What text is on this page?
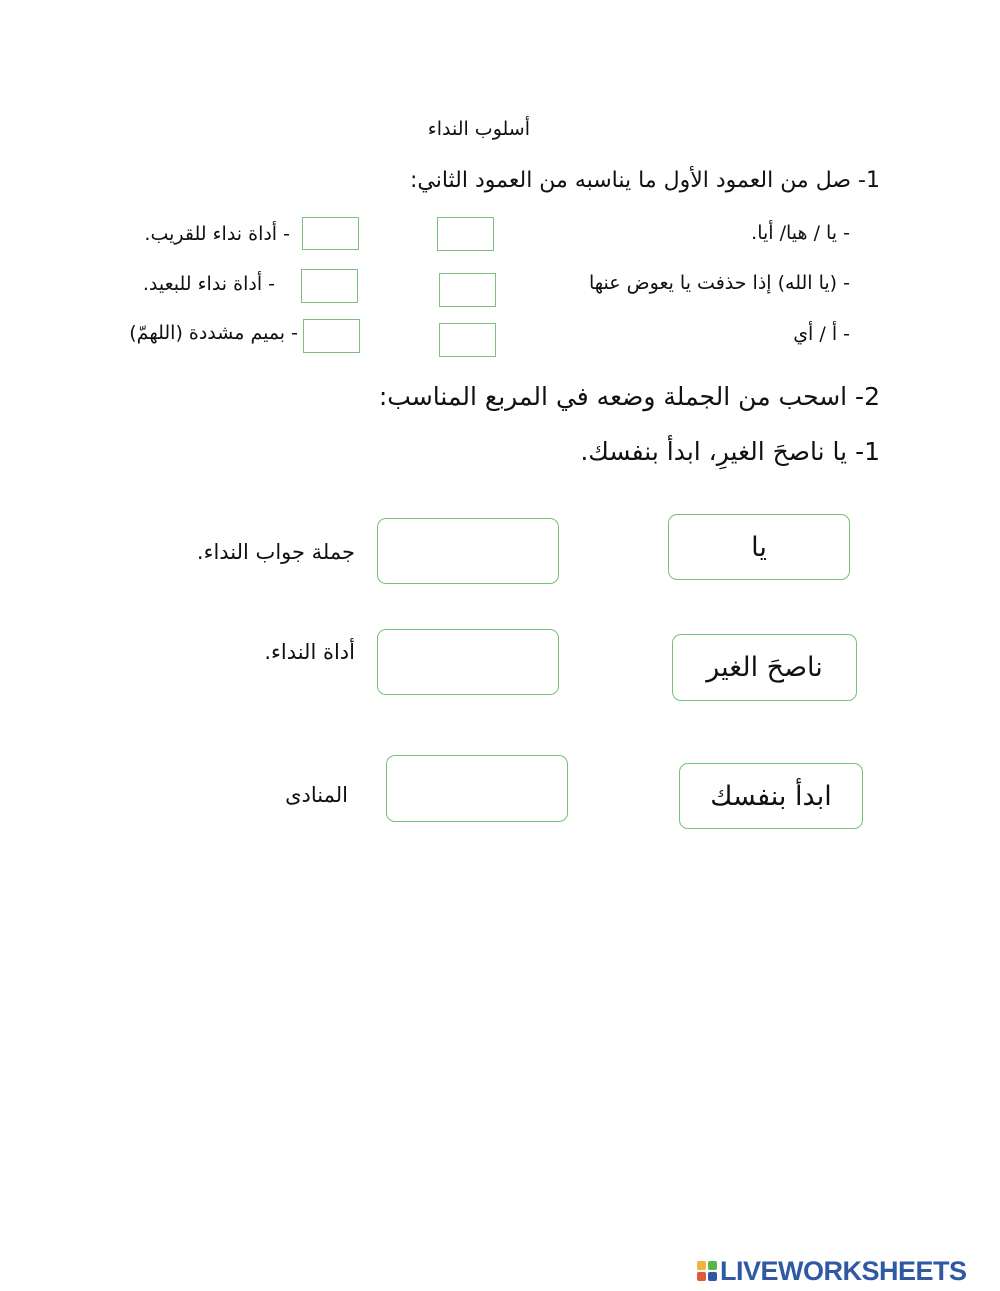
أسلوب النداء
1- صل من العمود الأول ما يناسبه من العمود الثاني:
- يا / هيا/ أيا.
- (يا الله) إذا حذفت يا يعوض عنها
- أ / أي
- أداة نداء للقريب.
- أداة نداء للبعيد.
- بميم مشددة (اللهمّ)
2- اسحب من الجملة وضعه في المربع المناسب:
1- يا ناصحَ الغيرِ، ابدأ بنفسك.
يا
ناصحَ الغير
ابدأ بنفسك
جملة جواب النداء.
أداة النداء.
المنادى
LIVEWORKSHEETS
